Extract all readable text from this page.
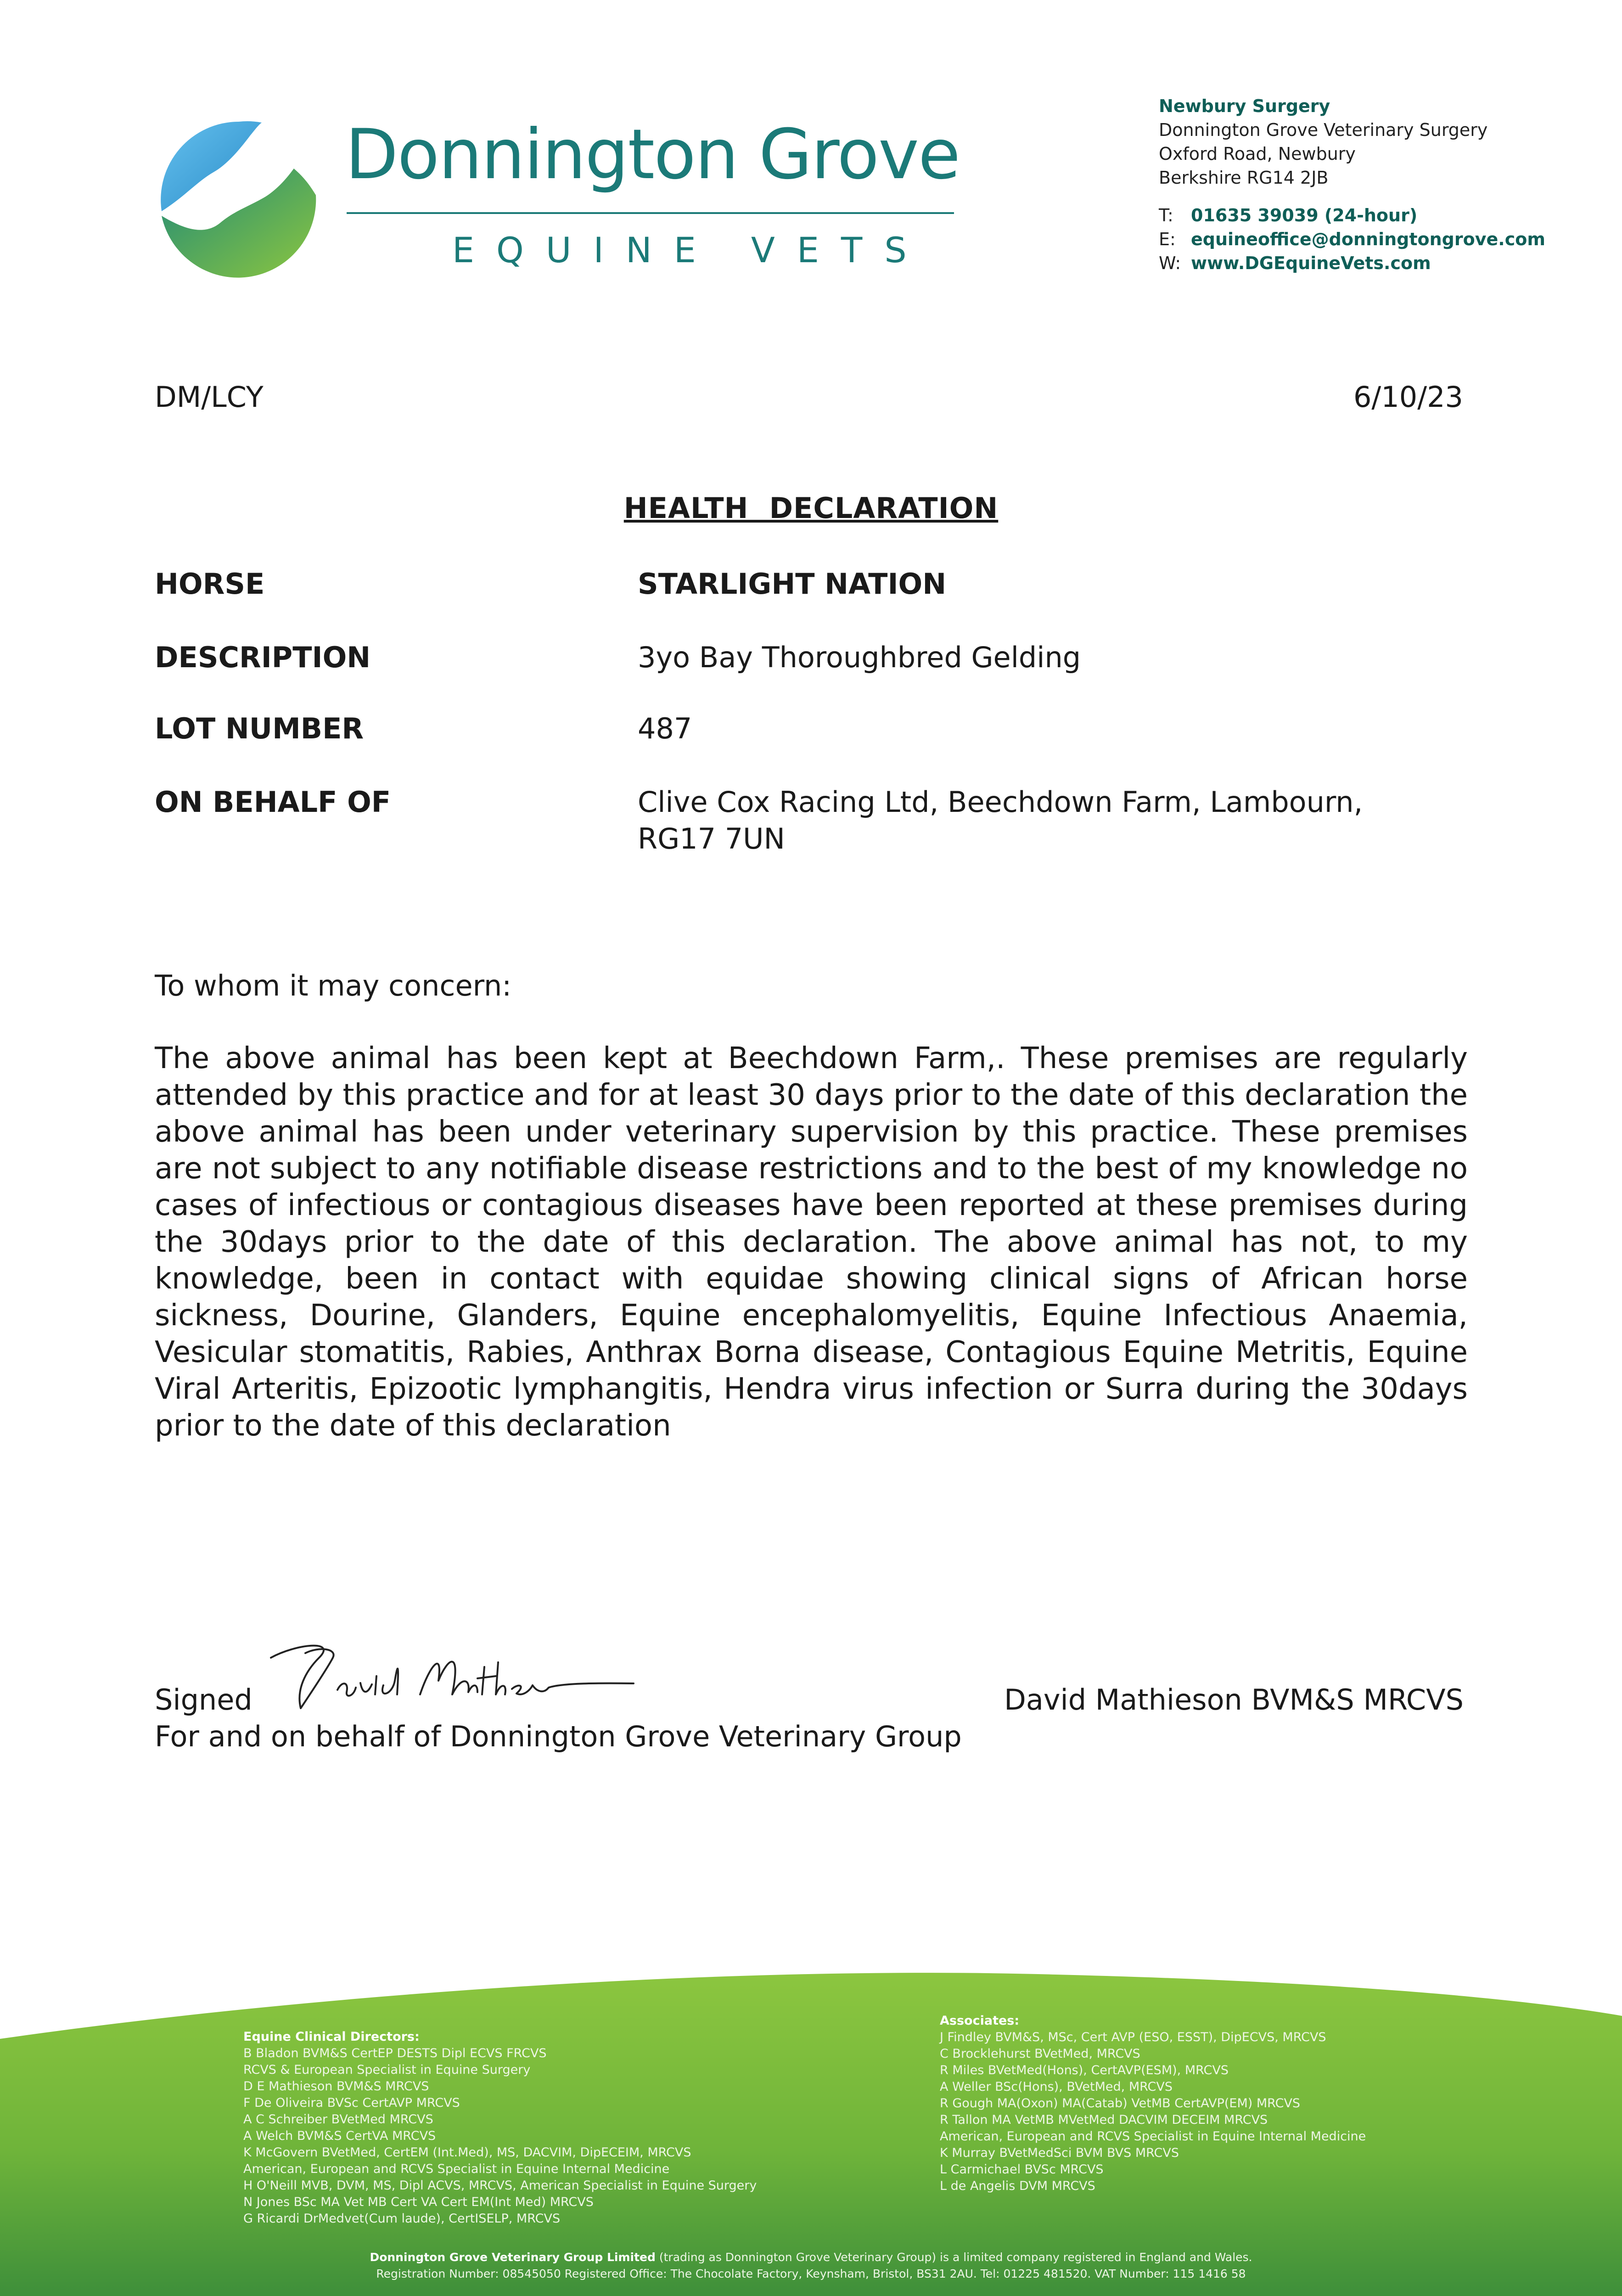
Donnington Grove
EQUINE VETS
Newbury Surgery
Donnington Grove Veterinary Surgery
Oxford Road, Newbury
Berkshire RG14 2JB
T: 01635 39039 (24-hour)
E: equineoffice@donningtongrove.com
W: www.DGEquineVets.com
DM/LCY	6/10/23
HEALTH  DECLARATION
HORSE	STARLIGHT NATION
DESCRIPTION	3yo Bay Thoroughbred Gelding
LOT NUMBER	487
ON BEHALF OF	Clive Cox Racing Ltd, Beechdown Farm, Lambourn,
RG17 7UN
To whom it may concern:
The above animal has been kept at Beechdown Farm,. These premises are regularly attended by this practice and for at least 30 days prior to the date of this declaration the above animal has been under veterinary supervision by this practice. These premises are not subject to any notifiable disease restrictions and to the best of my knowledge no cases of infectious or contagious diseases have been reported at these premises during the 30days prior to the date of this declaration. The above animal has not, to my knowledge, been in contact with equidae showing clinical signs of African horse sickness, Dourine, Glanders, Equine encephalomyelitis, Equine Infectious Anaemia, Vesicular stomatitis, Rabies, Anthrax Borna disease, Contagious Equine Metritis, Equine Viral Arteritis, Epizootic lymphangitis, Hendra virus infection or Surra during the 30days prior to the date of this declaration
Signed	David Mathieson BVM&S MRCVS
For and on behalf of Donnington Grove Veterinary Group
Equine Clinical Directors:
B Bladon BVM&S CertEP DESTS Dipl ECVS FRCVS
RCVS & European Specialist in Equine Surgery
D E Mathieson BVM&S MRCVS
F De Oliveira BVSc CertAVP MRCVS
A C Schreiber BVetMed MRCVS
A Welch BVM&S CertVA MRCVS
K McGovern BVetMed, CertEM (Int.Med), MS, DACVIM, DipECEIM, MRCVS
American, European and RCVS Specialist in Equine Internal Medicine
H O'Neill MVB, DVM, MS, Dipl ACVS, MRCVS, American Specialist in Equine Surgery
N Jones BSc MA Vet MB Cert VA Cert EM(Int Med) MRCVS
G Ricardi DrMedvet(Cum laude), CertISELP, MRCVS
Associates:
J Findley BVM&S, MSc, Cert AVP (ESO, ESST), DipECVS, MRCVS
C Brocklehurst BVetMed, MRCVS
R Miles BVetMed(Hons), CertAVP(ESM), MRCVS
A Weller BSc(Hons), BVetMed, MRCVS
R Gough MA(Oxon) MA(Catab) VetMB CertAVP(EM) MRCVS
R Tallon MA VetMB MVetMed DACVIM DECEIM MRCVS
American, European and RCVS Specialist in Equine Internal Medicine
K Murray BVetMedSci BVM BVS MRCVS
L Carmichael BVSc MRCVS
L de Angelis DVM MRCVS
Donnington Grove Veterinary Group Limited (trading as Donnington Grove Veterinary Group) is a limited company registered in England and Wales.
Registration Number: 08545050 Registered Office: The Chocolate Factory, Keynsham, Bristol, BS31 2AU. Tel: 01225 481520. VAT Number: 115 1416 58
